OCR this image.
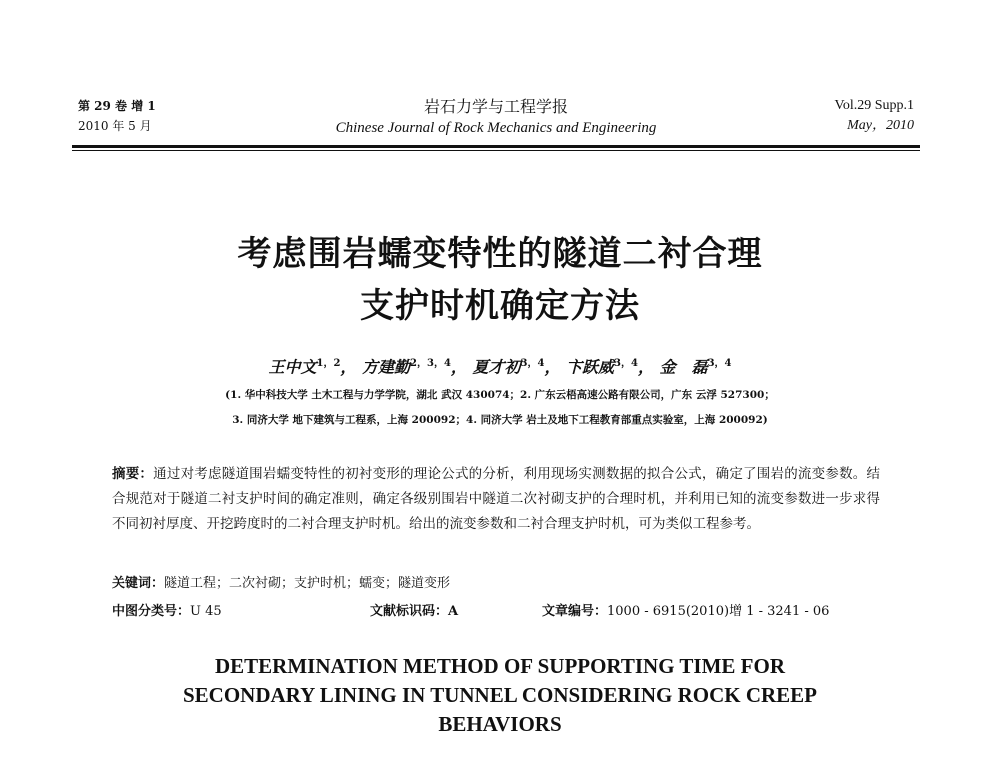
第 29 卷 增 1
2010 年 5 月
岩石力学与工程学报
Chinese Journal of Rock Mechanics and Engineering
Vol.29 Supp.1
May，2010
考虑围岩蠕变特性的隧道二衬合理
支护时机确定方法
王中文$^{1,2}$， 方建勤$^{2,3,4}$， 夏才初$^{3,4}$， 卞跃威$^{3,4}$， 金　磊$^{3,4}$
(1. 华中科技大学 土木工程与力学学院，湖北 武汉 430074；2. 广东云梧高速公路有限公司，广东 云浮 527300；
3. 同济大学 地下建筑与工程系，上海 200092；4. 同济大学 岩土及地下工程教育部重点实验室，上海 200092)
摘要：通过对考虑隧道围岩蠕变特性的初衬变形的理论公式的分析，利用现场实测数据的拟合公式，确定了围岩的流变参数。结合规范对于隧道二衬支护时间的确定准则，确定各级别围岩中隧道二次衬砌支护的合理时机，并利用已知的流变参数进一步求得不同初衬厚度、开挖跨度时的二衬合理支护时机。给出的流变参数和二衬合理支护时机，可为类似工程参考。
关键词：隧道工程；二次衬砌；支护时机；蠕变；隧道变形
中图分类号：U 45	文献标识码：A	文章编号：1000 - 6915(2010)增 1 - 3241 - 06
DETERMINATION METHOD OF SUPPORTING TIME FOR
SECONDARY LINING IN TUNNEL CONSIDERING ROCK CREEP
BEHAVIORS
